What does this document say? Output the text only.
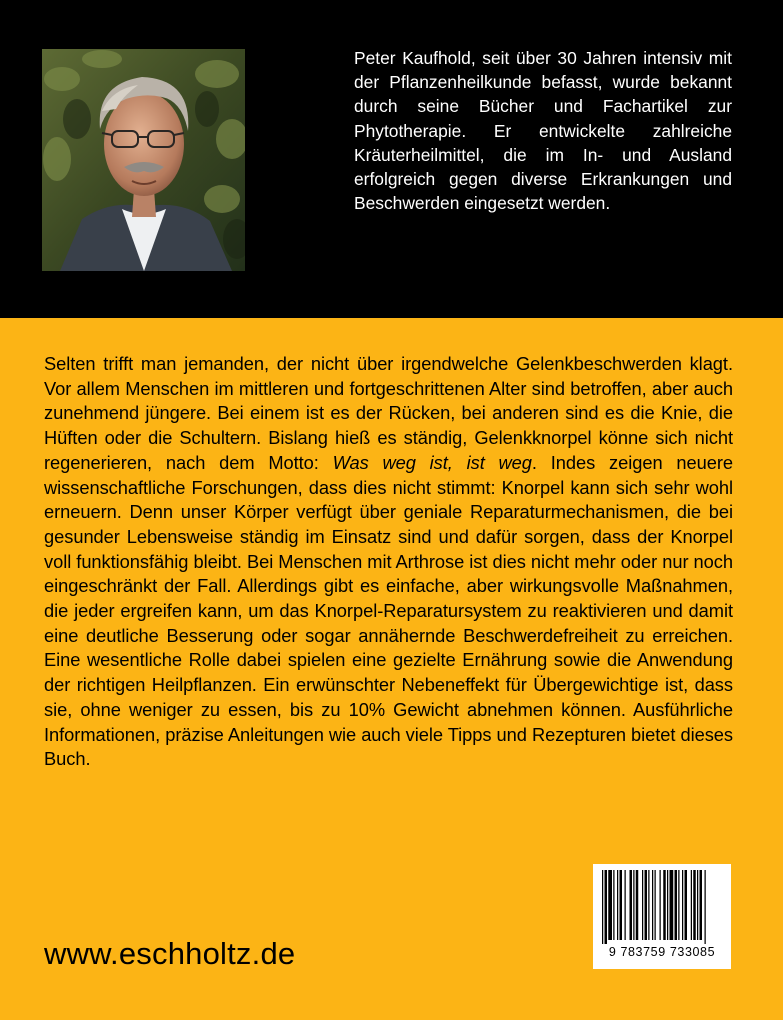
Peter Kaufhold, seit über 30 Jahren intensiv mit der Pflanzenheilkunde befasst, wurde bekannt durch seine Bücher und Fachartikel zur Phytotherapie. Er entwickelte zahlreiche Kräuterheilmittel, die im In- und Ausland erfolgreich gegen diverse Erkrankungen und Beschwerden eingesetzt werden.

Selten trifft man jemanden, der nicht über irgendwelche Gelenkbeschwerden klagt. Vor allem Menschen im mittleren und fortgeschrittenen Alter sind betroffen, aber auch zunehmend jüngere. Bei einem ist es der Rücken, bei anderen sind es die Knie, die Hüften oder die Schultern. Bislang hieß es ständig, Gelenkknorpel könne sich nicht regenerieren, nach dem Motto: Was weg ist, ist weg. Indes zeigen neuere wissenschaftliche Forschungen, dass dies nicht stimmt: Knorpel kann sich sehr wohl erneuern. Denn unser Körper verfügt über geniale Reparaturmechanismen, die bei gesunder Lebensweise ständig im Einsatz sind und dafür sorgen, dass der Knorpel voll funktionsfähig bleibt. Bei Menschen mit Arthrose ist dies nicht mehr oder nur noch eingeschränkt der Fall. Allerdings gibt es einfache, aber wirkungsvolle Maßnahmen, die jeder ergreifen kann, um das Knorpel-Reparatursystem zu reaktivieren und damit eine deutliche Besserung oder sogar annähernde Beschwerdefreiheit zu erreichen. Eine wesentliche Rolle dabei spielen eine gezielte Ernährung sowie die Anwendung der richtigen Heilpflanzen. Ein erwünschter Nebeneffekt für Übergewichtige ist, dass sie, ohne weniger zu essen, bis zu 10% Gewicht abnehmen können. Ausführliche Informationen, präzise Anleitungen wie auch viele Tipps und Rezepturen bietet dieses Buch.

www.eschholtz.de	9 783759 733085
